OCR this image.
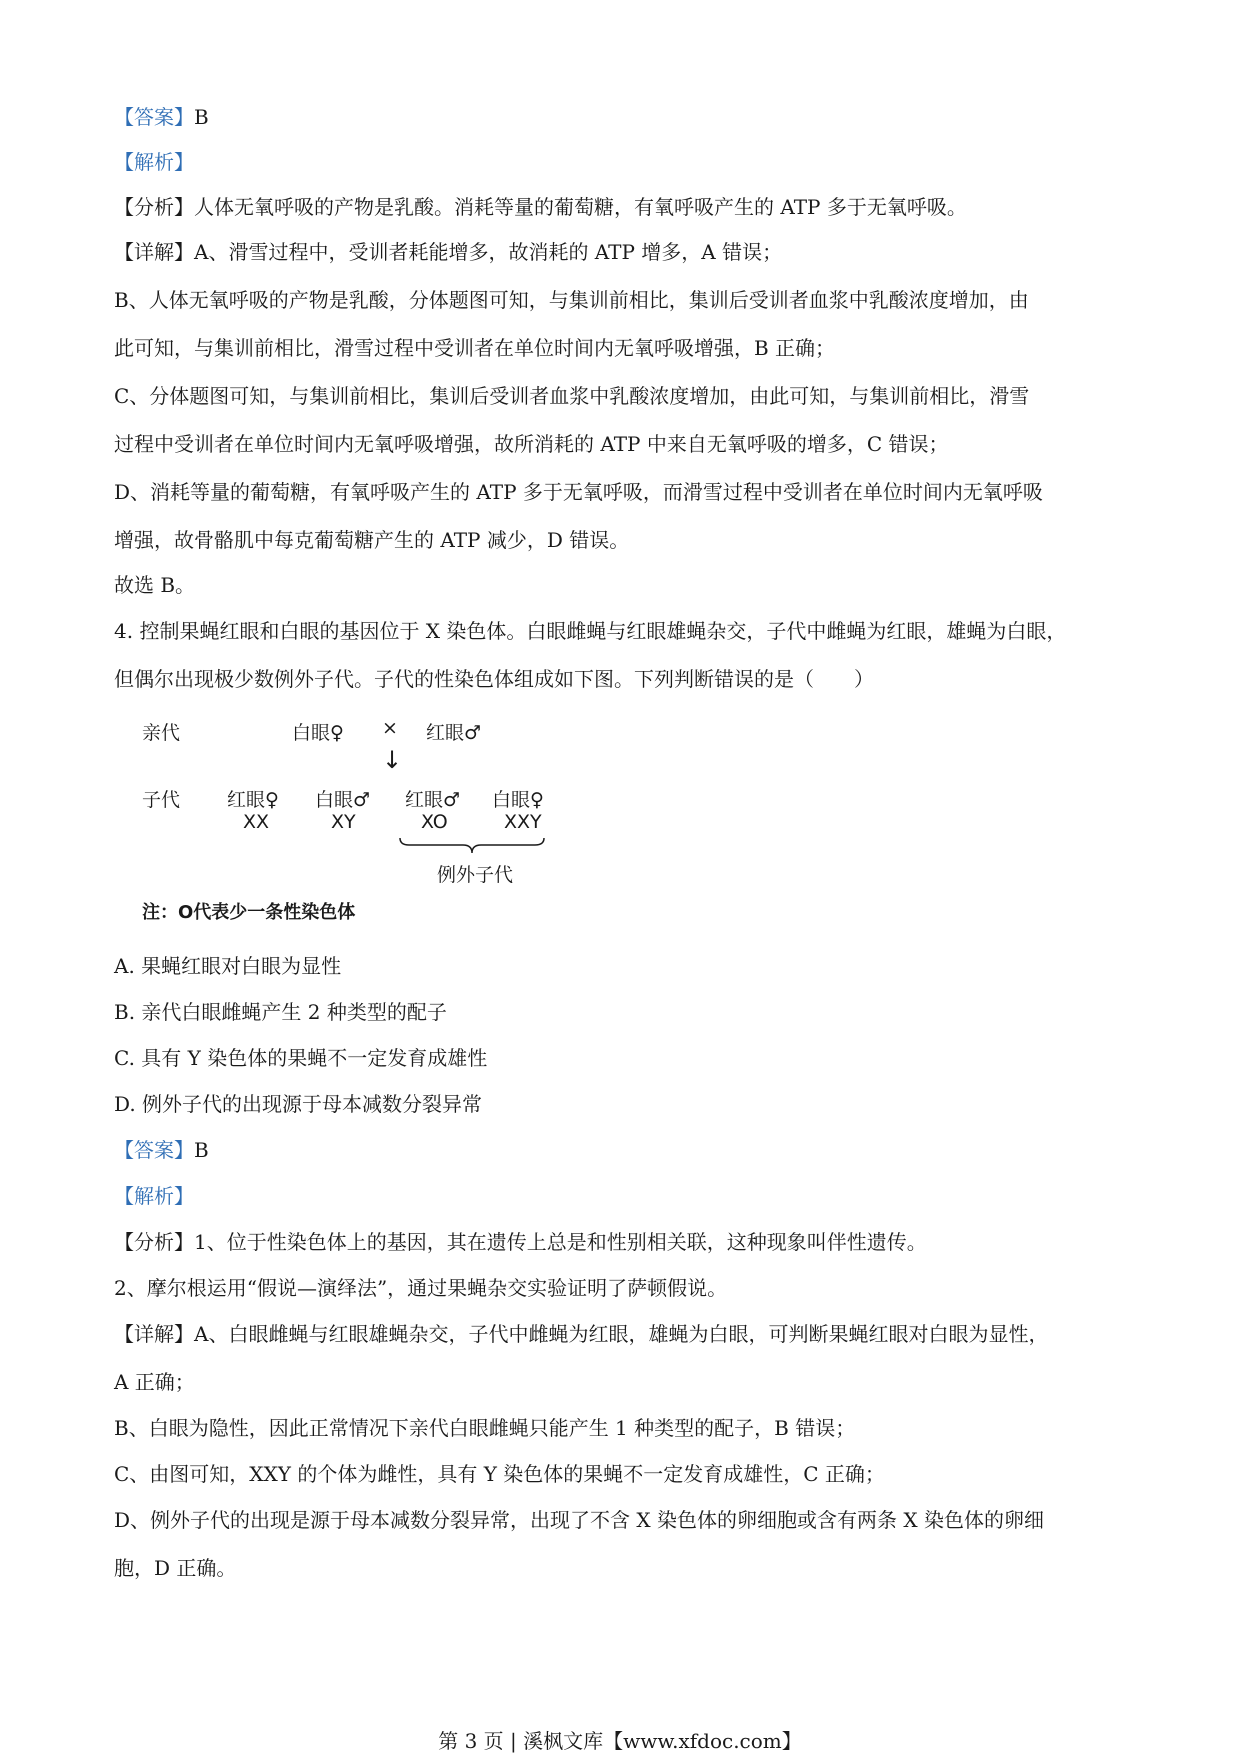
【答案】B

【解析】

【分析】人体无氧呼吸的产物是乳酸。消耗等量的葡萄糖，有氧呼吸产生的 ATP 多于无氧呼吸。

【详解】A、滑雪过程中，受训者耗能增多，故消耗的 ATP 增多，A 错误；

B、人体无氧呼吸的产物是乳酸，分体题图可知，与集训前相比，集训后受训者血浆中乳酸浓度增加，由

此可知，与集训前相比，滑雪过程中受训者在单位时间内无氧呼吸增强，B 正确；

C、分体题图可知，与集训前相比，集训后受训者血浆中乳酸浓度增加，由此可知，与集训前相比，滑雪

过程中受训者在单位时间内无氧呼吸增强，故所消耗的 ATP 中来自无氧呼吸的增多，C 错误；

D、消耗等量的葡萄糖，有氧呼吸产生的 ATP 多于无氧呼吸，而滑雪过程中受训者在单位时间内无氧呼吸

增强，故骨骼肌中每克葡萄糖产生的 ATP 减少，D 错误。

故选 B。

4. 控制果蝇红眼和白眼的基因位于 X 染色体。白眼雌蝇与红眼雄蝇杂交，子代中雌蝇为红眼，雄蝇为白眼，

但偶尔出现极少数例外子代。子代的性染色体组成如下图。下列判断错误的是（　　）

亲代	白眼♀ × 红眼♂
↓
子代 红眼♀
XX
白眼♂
XY
红眼♂
XO
白眼♀
XXY
例外子代
注：O代表少一条性染色体

A. 果蝇红眼对白眼为显性

B. 亲代白眼雌蝇产生 2 种类型的配子

C. 具有 Y 染色体的果蝇不一定发育成雄性

D. 例外子代的出现源于母本减数分裂异常

【答案】B

【解析】

【分析】1、位于性染色体上的基因，其在遗传上总是和性别相关联，这种现象叫伴性遗传。

2、摩尔根运用“假说—演绎法”，通过果蝇杂交实验证明了萨顿假说。

【详解】A、白眼雌蝇与红眼雄蝇杂交，子代中雌蝇为红眼，雄蝇为白眼，可判断果蝇红眼对白眼为显性，

A 正确；

B、白眼为隐性，因此正常情况下亲代白眼雌蝇只能产生 1 种类型的配子，B 错误；

C、由图可知，XXY 的个体为雌性，具有 Y 染色体的果蝇不一定发育成雄性，C 正确；

D、例外子代的出现是源于母本减数分裂异常，出现了不含 X 染色体的卵细胞或含有两条 X 染色体的卵细

胞，D 正确。

第 3 页 | 溪枫文库【www.xfdoc.com】
